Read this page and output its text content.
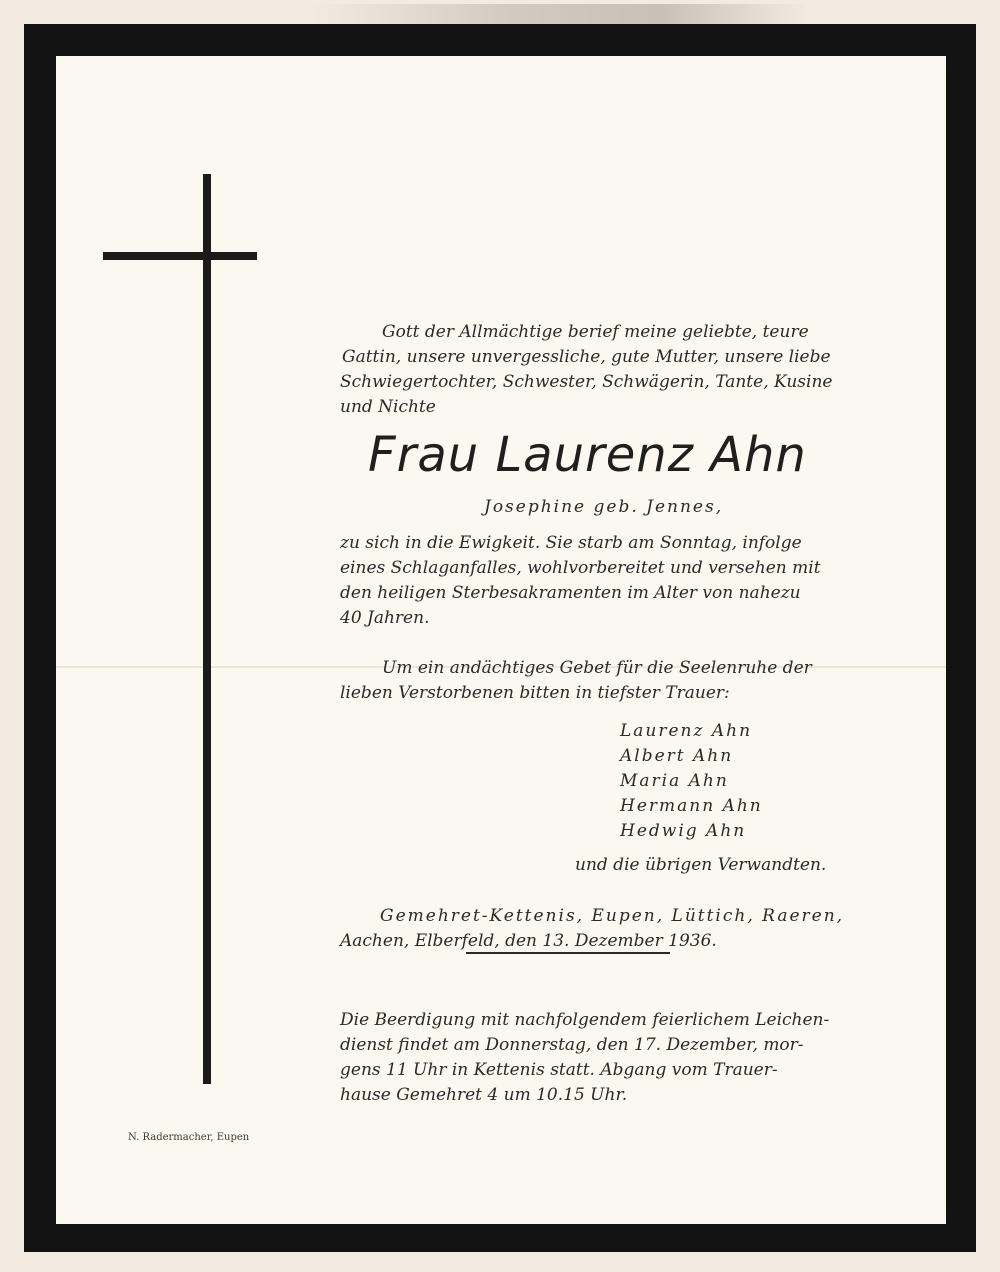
Gott der Allmächtige berief meine geliebte, teure

Gattin, unsere unvergessliche, gute Mutter, unsere liebe

Schwiegertochter, Schwester, Schwägerin, Tante, Kusine

und Nichte

Frau Laurenz Ahn

Josephine geb. Jennes,

zu sich in die Ewigkeit. Sie starb am Sonntag, infolge

eines Schlaganfalles, wohlvorbereitet und versehen mit

den heiligen Sterbesakramenten im Alter von nahezu

40 Jahren.

Um ein andächtiges Gebet für die Seelenruhe der

lieben Verstorbenen bitten in tiefster Trauer:

Laurenz Ahn

Albert Ahn

Maria Ahn

Hermann Ahn

Hedwig Ahn

und die übrigen Verwandten.

Gemehret-Kettenis, Eupen, Lüttich, Raeren,

Aachen, Elberfeld, den 13. Dezember 1936.

Die Beerdigung mit nachfolgendem feierlichem Leichen-

dienst findet am Donnerstag, den 17. Dezember, mor-

gens 11 Uhr in Kettenis statt. Abgang vom Trauer-

hause Gemehret 4 um 10.15 Uhr.

N. Radermacher, Eupen
